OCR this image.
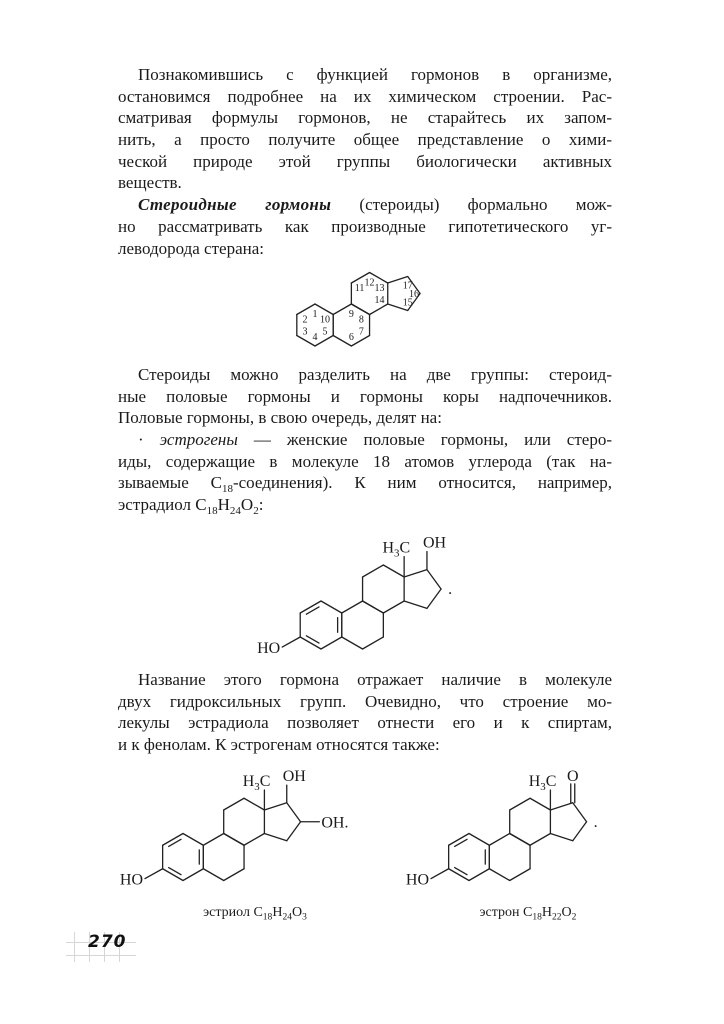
Познакомившись с функцией гормонов в организме,
остановимся подробнее на их химическом строении. Рас-
сматривая формулы гормонов, не старайтесь их запом-
нить, а просто получите общее представление о хими-
ческой природе этой группы биологически активных
веществ.
Стероидные гормоны (стероиды) формально мож-
но рассматривать как производные гипотетического уг-
леводорода стерана:
Стероиды можно разделить на две группы: стероид-
ные половые гормоны и гормоны коры надпочечников.
Половые гормоны, в свою очередь, делят на:
· эстрогены — женские половые гормоны, или стеро-
иды, содержащие в молекуле 18 атомов углерода (так на-
зываемые $C_{18}-соединения$). К ним относится, например,
эстрадиол $C_{18}H_{24}O_2$:
Название этого гормона отражает наличие в молекуле
двух гидроксильных групп. Очевидно, что строение мо-
лекулы эстрадиола позволяет отнести его и к спиртам,
и к фенолам. К эстрогенам относятся также:
1
2
3
4
5
6
7
8
9
10
11
12
13
14 15
16
17
HO
$H_3C$ OH
.
HO
$H_3C$ OH
OH.
эстриол $C_{18}H_{24}O_3$
HO
$H_3C$ O
.
эстрон $C_{18}H_{22}O_2$
270
